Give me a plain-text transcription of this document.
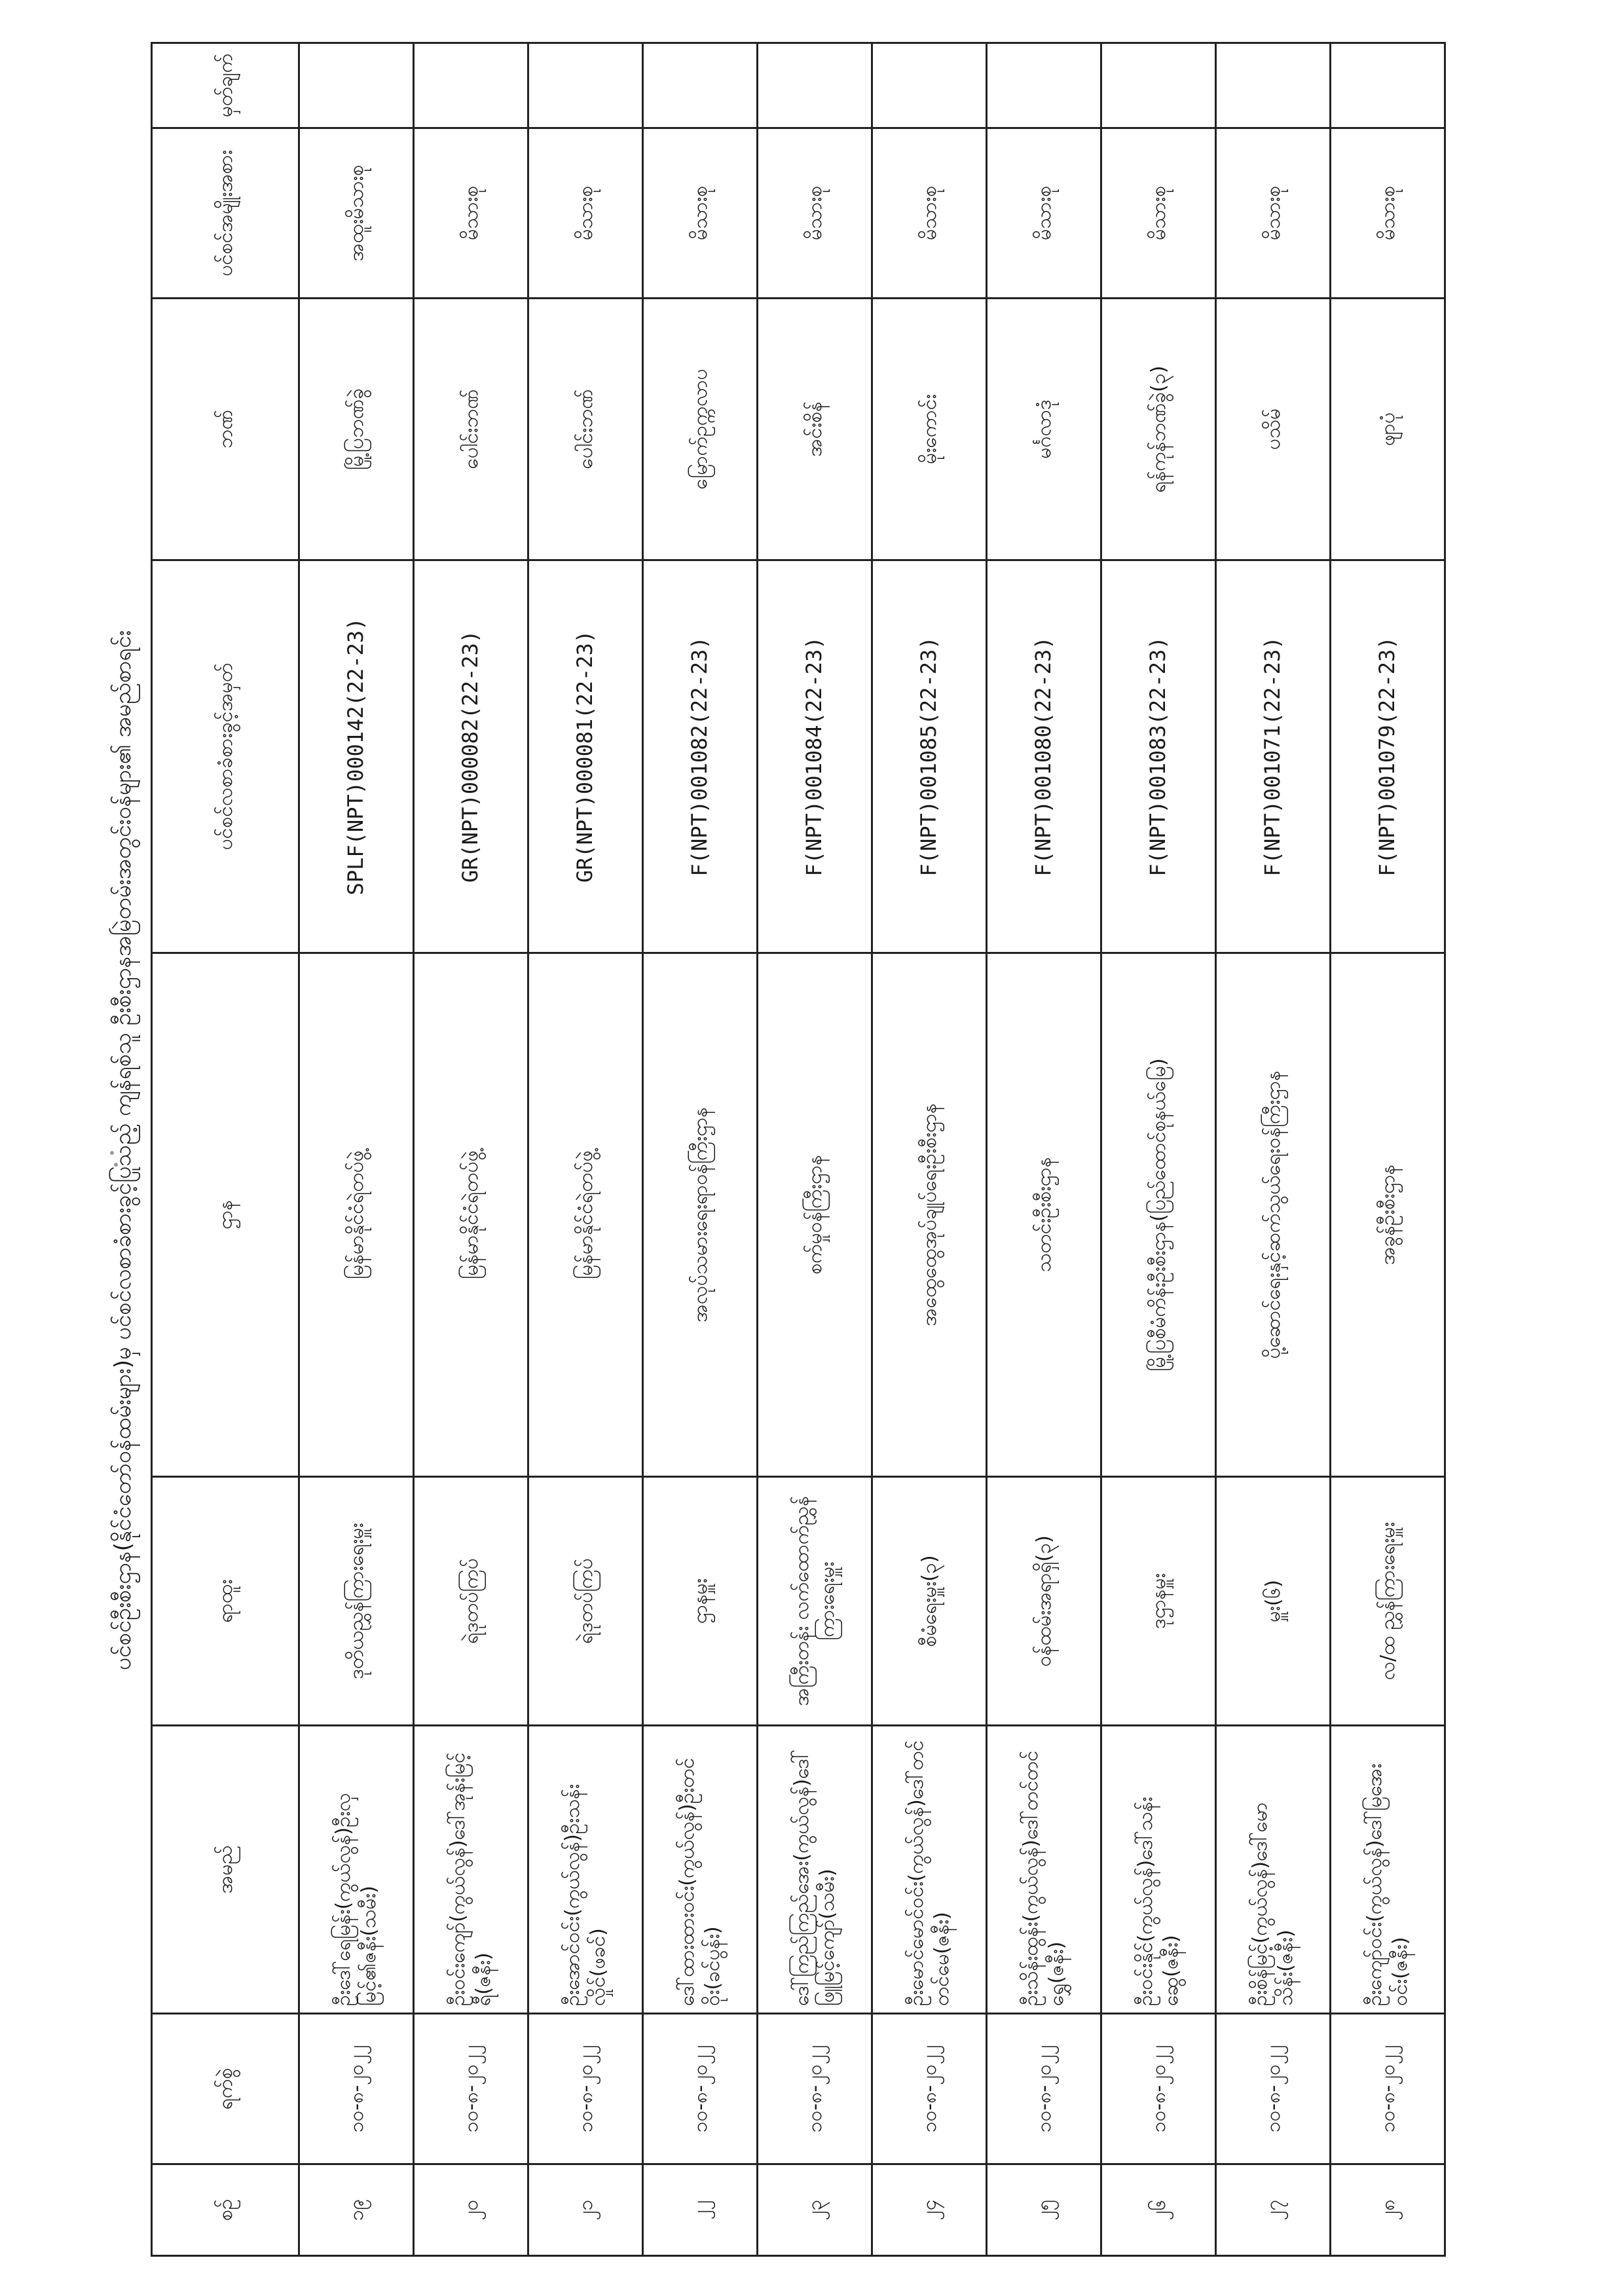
ပင်စင်ဦးစီးဌာန(နိုင်ငံတော်ဝန်ထမ်းများ)မှ ပင်စင်လစာခံစားခွင့်ပြုသည့် ကျန်ရစ်သူ ဦးစီးဌာနအမြဲတမ်းအတွင်းဝန်များ၏ အမည်စာရင်း
စဉ်	ရက်စွဲ	အမည်	ရာထူး	ဌာန	ပင်စင်လစာခံစားခွင့်အမှတ်	ဘဏ်	ပင်စင်အမျိုးအစား	မှတ်ချက်
၁၉	၁၀-၈-၂၀၂၂	ဦးဒေါ်ရေမြန်း(ကွယ်လွန်)ဦးလှမြင့်၏ဇနီး(သမီး)	ဒုတိယညွှန်ကြားရေးမှူး	မြန်မာနိုင်ငံရဲတပ်ဖွဲ့	SPLF(NPT)000142(22-23)	မြို့ပြဘဏ်ခွဲ	အထူးမိသားစု	
၂၀	၁၀-၈-၂၀၂၂	ဦးဝင်းကျော်(ကွယ်လွန်)ဒေါ်အုန်းမြင့်ရီ(ဇနီး)	ရဲဒုတပ်ကြပ်	မြန်မာနိုင်ငံရဲတပ်ဖွဲ့	GR(NPT)000082(22-23)	ပေါင်းဘဏ်	မိသားစု	
၂၁	၁၀-၈-၂၀၂၂	ဦးအောင်ဝင်း(ကွယ်လွန်)ဦးသန်းလှိုင်(ဖခင်)	ရဲဒုတပ်ကြပ်	မြန်မာနိုင်ငံရဲတပ်ဖွဲ့	GR(NPT)000081(22-23)	ပေါင်းဘဏ်	မိသားစု	
၂၂	၁၀-၈-၂၀၂၂	ဒေါ်ထားထားဝင်း(ကွယ်လွန်)ဦးတင်ဝိုး(ခင်ပွန်း)	ဌာနမှူး	အလုပ်သမားရေးရာဝန်ကြီးဌာန	F(NPT)001082(22-23)	မြောက်ဥက္ကလာပ	မိသားစု	
၂၃	၁၀-၈-၂၀၂၂	ဒေါ်ကြည်ကြည်အေး(ကွယ်လွန်)ဒေါ်ဖြူမြင့်ကျော်(သမီး)	အကြီးတန်း လက်ထောက်ညွှန်ကြားရေးမှူး	စက်မှုဝန်ကြီးဌာန	F(NPT)001084(22-23)	အင်းစိန်	မိသားစု	
၂၄	၁၀-၈-၂၀၂၂	ဦးမောင်မောင်ဝင်း(ကွယ်လွန်)ဒေါ်တင်တင်မေ(ဇနီး)	စီမံရေးမှူး(၃)	အထွေထွေအုပ်ချုပ်ရေးဦးစီးဌာန	F(NPT)001085(22-23)	မိုးကောင်း	မိသားစု	
၂၅	၁၀-၈-၂၀၂၂	ဦးသိန်းထွန်း(ကွယ်လွန်)ဒေါ်တင်တင်ရွှေ(ဇနီး)	ဝန်ထမ်းအရာရှိ(၃)	သတင်းဦးစီးဌာန	F(NPT)001080(22-23)	မင်္ဂလာဒုံ	မိသားစု	
၂၆	၁၀-၈-၂၀၂၂	ဦးဝင်းနိုင်(ကွယ်လွန်)ဒေါ်သန်းဆွေ(ဇနီး)	ဒုဌာနမှူး	မြို့ပြစီမံကိန်းဦးစီးဌာန(ပြည်ထောင်စုနယ်မြေ)	F(NPT)001083(22-23)	ရန်ကုန်ဘဏ်ခွဲ(၃)	မိသားစု	
၂၇	၁၀-၈-၂၀၂၂	ဦးစိန်မြင့်(ကွယ်လွန်)ဒေါ်မောသိန်း(ဇနီး)	မှူး(၆)	ပို့ဆောင်ရေးနှင့်ဆက်သွယ်ရေးဝန်ကြီးဌာန	F(NPT)001071(22-23)	ပသိမ်	မိသားစု	
၂၈	၁၀-၈-၂၀၂၂	ဦးကျော်ဝင်း(ကွယ်လွန်)ဒေါ်မြအေးဝင်း(ဇနီး)	လ/ထ ညွှန်ကြားရေးမှူး	အခွန်ဦးစီးဌာန	F(NPT)001079(22-23)	ဖျာပုံ	မိသားစု	
